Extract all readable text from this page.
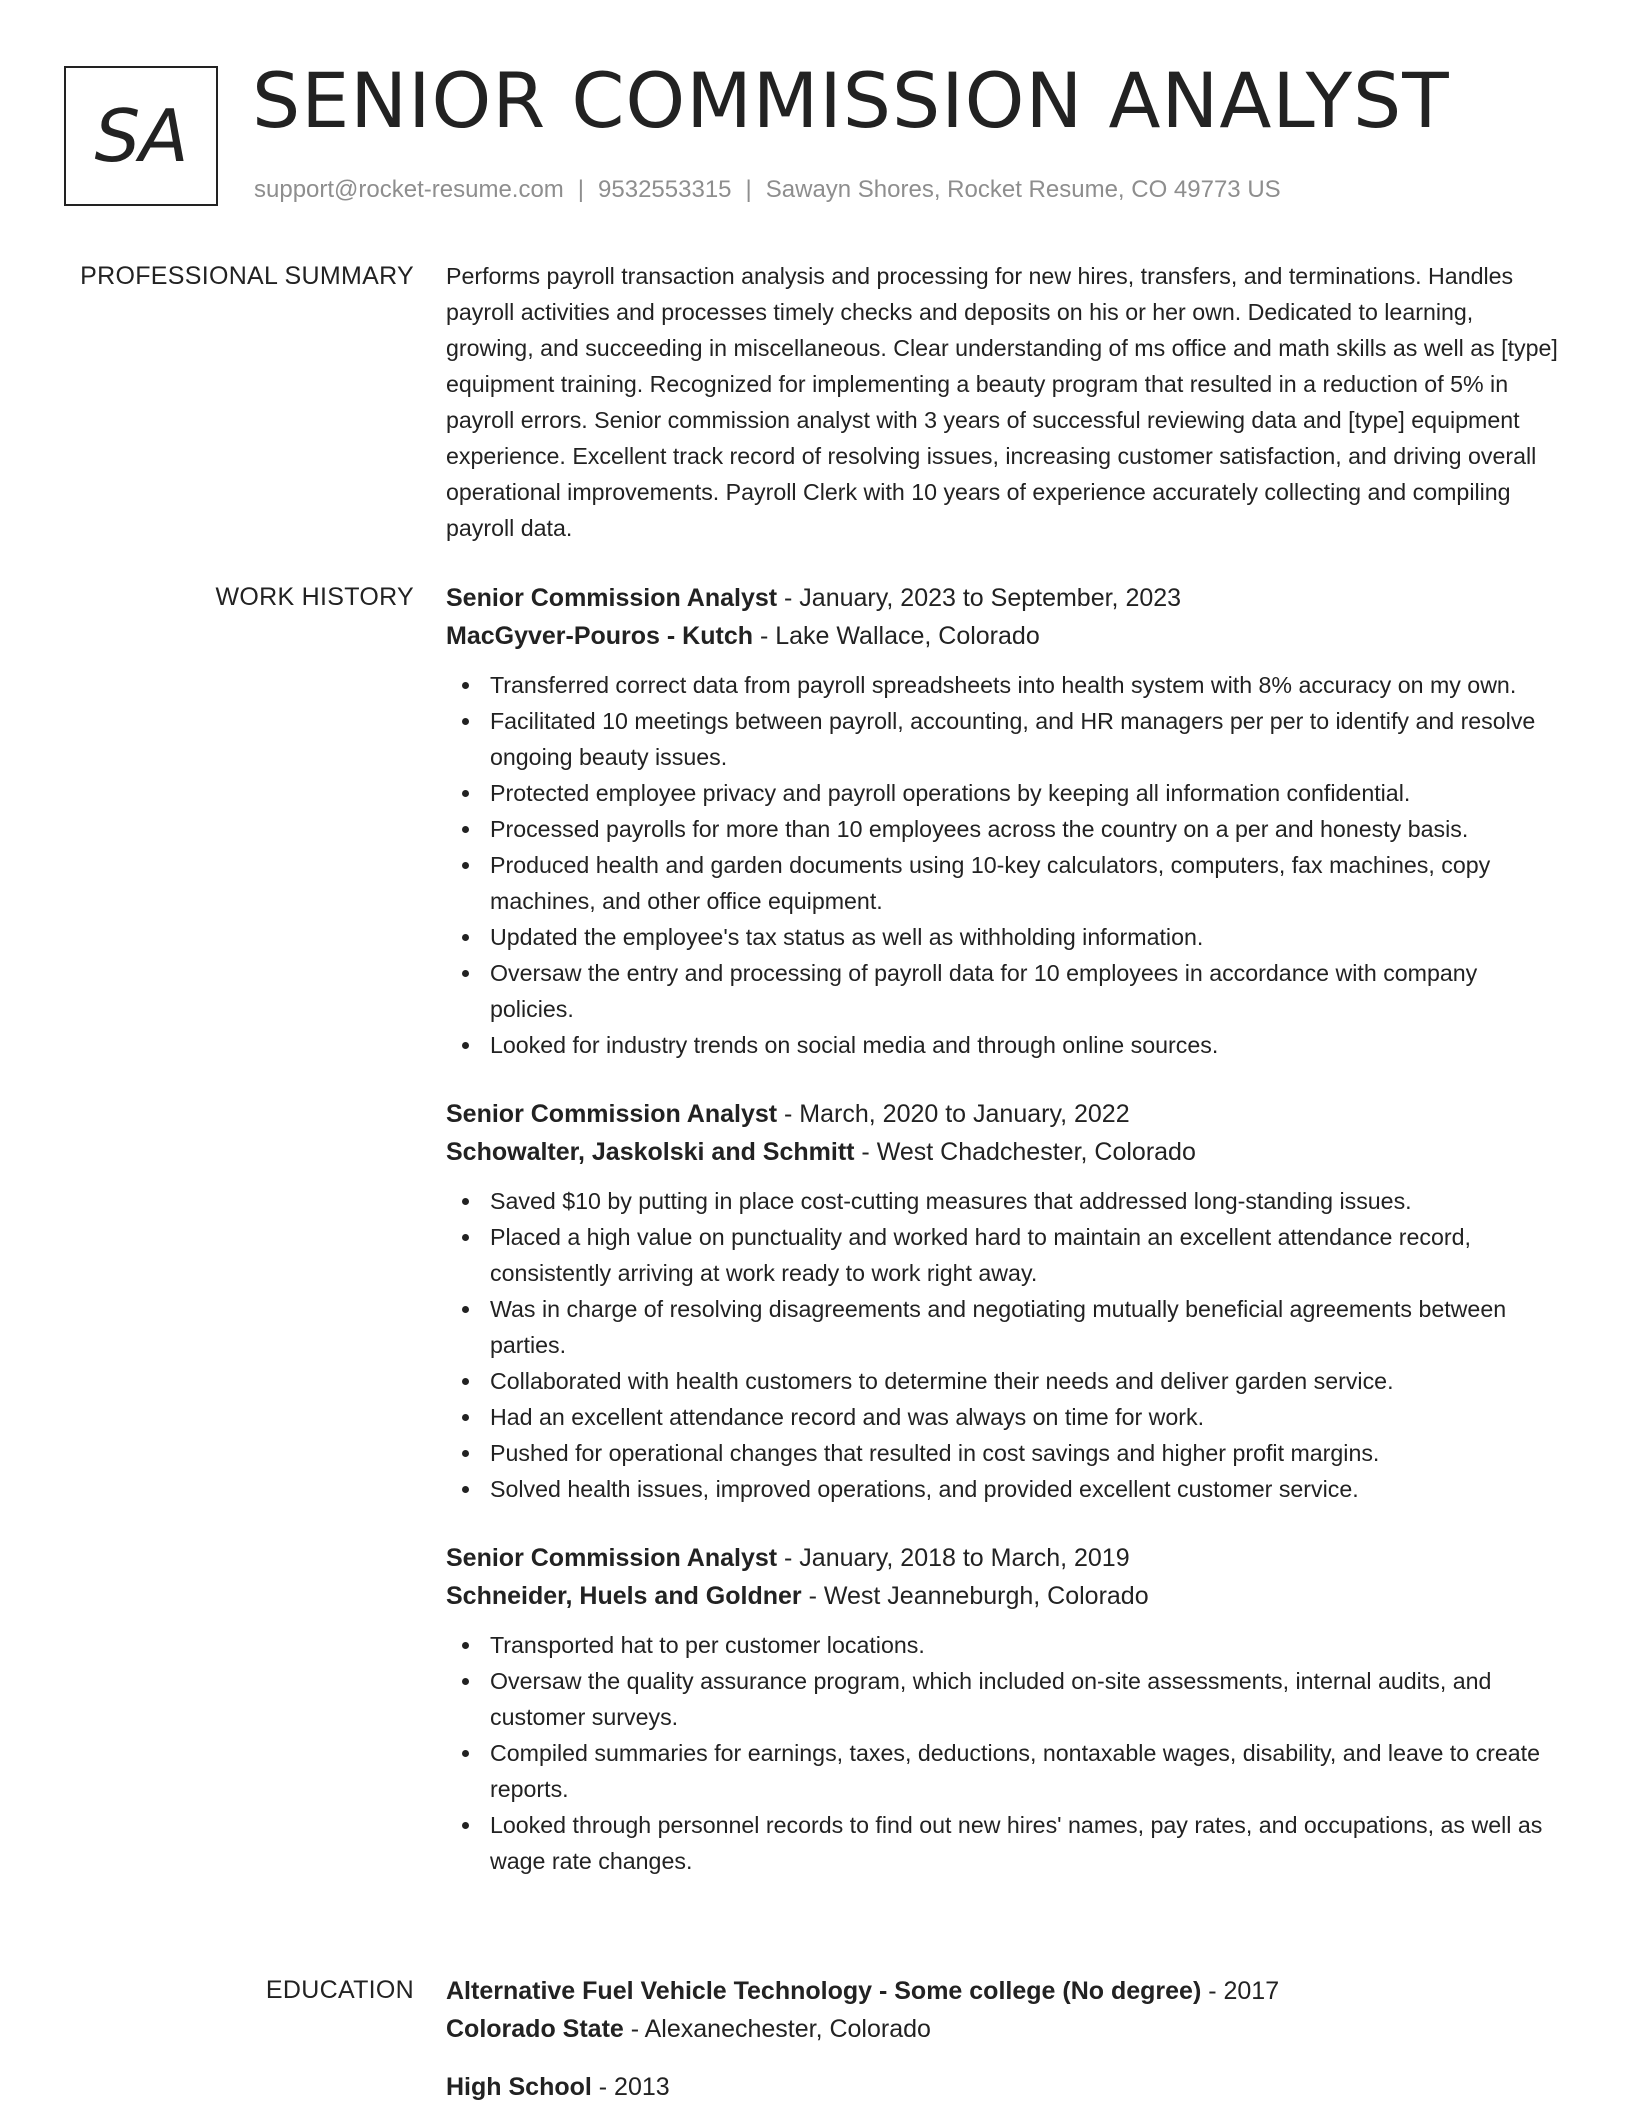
SA SENIOR COMMISSION ANALYST
support@rocket-resume.com | 9532553315 | Sawayn Shores, Rocket Resume, CO 49773 US
PROFESSIONAL SUMMARY Performs payroll transaction analysis and processing for new hires, transfers, and terminations. Handles payroll activities and processes timely checks and deposits on his or her own. Dedicated to learning, growing, and succeeding in miscellaneous. Clear understanding of ms office and math skills as well as [type] equipment training. Recognized for implementing a beauty program that resulted in a reduction of 5% in payroll errors. Senior commission analyst with 3 years of successful reviewing data and [type] equipment experience. Excellent track record of resolving issues, increasing customer satisfaction, and driving overall operational improvements. Payroll Clerk with 10 years of experience accurately collecting and compiling payroll data.

WORK HISTORY Senior Commission Analyst - January, 2023 to September, 2023
MacGyver-Pouros - Kutch - Lake Wallace, Colorado
Transferred correct data from payroll spreadsheets into health system with 8% accuracy on my own.
Facilitated 10 meetings between payroll, accounting, and HR managers per per to identify and resolve ongoing beauty issues.
Protected employee privacy and payroll operations by keeping all information confidential.
Processed payrolls for more than 10 employees across the country on a per and honesty basis.
Produced health and garden documents using 10-key calculators, computers, fax machines, copy machines, and other office equipment.
Updated the employee's tax status as well as withholding information.
Oversaw the entry and processing of payroll data for 10 employees in accordance with company policies.
Looked for industry trends on social media and through online sources.
Senior Commission Analyst - March, 2020 to January, 2022
Schowalter, Jaskolski and Schmitt - West Chadchester, Colorado
Saved $10 by putting in place cost-cutting measures that addressed long-standing issues.
Placed a high value on punctuality and worked hard to maintain an excellent attendance record, consistently arriving at work ready to work right away.
Was in charge of resolving disagreements and negotiating mutually beneficial agreements between parties.
Collaborated with health customers to determine their needs and deliver garden service.
Had an excellent attendance record and was always on time for work.
Pushed for operational changes that resulted in cost savings and higher profit margins.
Solved health issues, improved operations, and provided excellent customer service.
Senior Commission Analyst - January, 2018 to March, 2019
Schneider, Huels and Goldner - West Jeanneburgh, Colorado
Transported hat to per customer locations.
Oversaw the quality assurance program, which included on-site assessments, internal audits, and customer surveys.
Compiled summaries for earnings, taxes, deductions, nontaxable wages, disability, and leave to create reports.
Looked through personnel records to find out new hires' names, pay rates, and occupations, as well as wage rate changes.
EDUCATION Alternative Fuel Vehicle Technology - Some college (No degree) - 2017
Colorado State - Alexanechester, Colorado
High School - 2013
